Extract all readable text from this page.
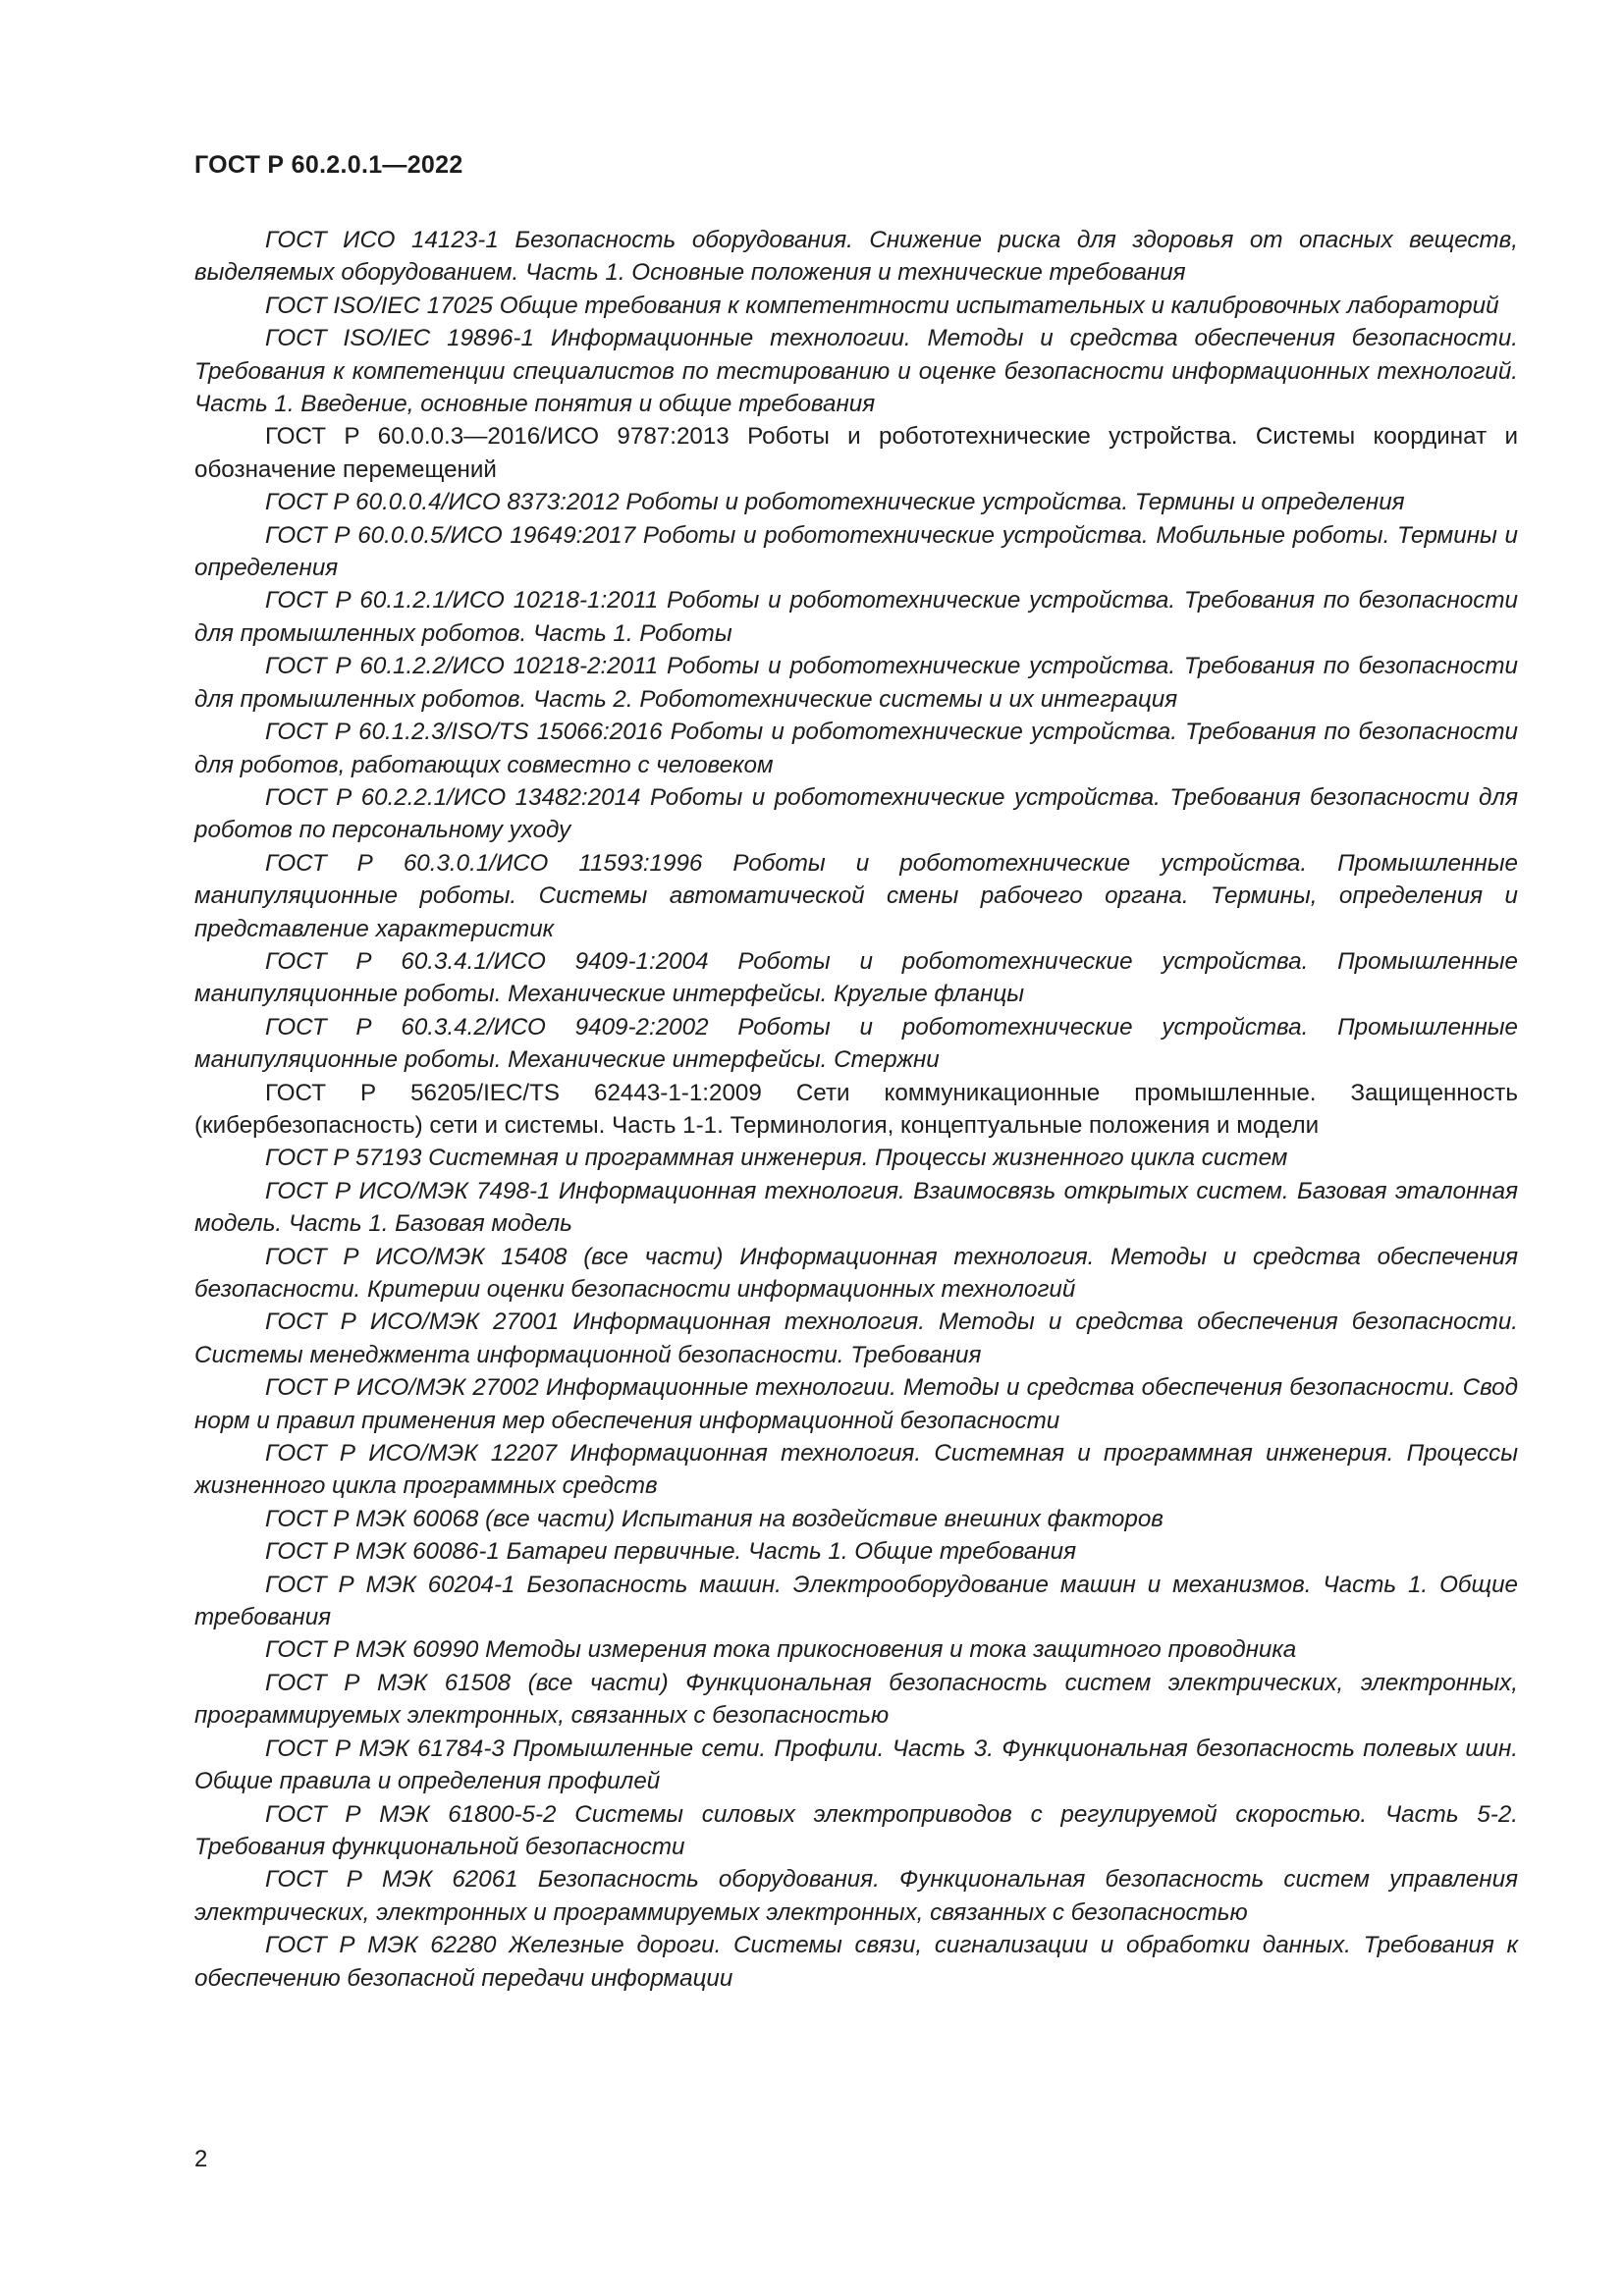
ГОСТ Р 60.2.0.1—2022
ГОСТ ИСО 14123-1 Безопасность оборудования. Снижение риска для здоровья от опасных веществ, выделяемых оборудованием. Часть 1. Основные положения и технические требования
ГОСТ ISO/IEC 17025 Общие требования к компетентности испытательных и калибровочных лабораторий
ГОСТ ISO/IEC 19896-1 Информационные технологии. Методы и средства обеспечения безопасности. Требования к компетенции специалистов по тестированию и оценке безопасности информационных технологий. Часть 1. Введение, основные понятия и общие требования
ГОСТ Р 60.0.0.3—2016/ИСО 9787:2013 Роботы и робототехнические устройства. Системы координат и обозначение перемещений
ГОСТ Р 60.0.0.4/ИСО 8373:2012 Роботы и робототехнические устройства. Термины и определения
ГОСТ Р 60.0.0.5/ИСО 19649:2017 Роботы и робототехнические устройства. Мобильные роботы. Термины и определения
ГОСТ Р 60.1.2.1/ИСО 10218-1:2011 Роботы и робототехнические устройства. Требования по безопасности для промышленных роботов. Часть 1. Роботы
ГОСТ Р 60.1.2.2/ИСО 10218-2:2011 Роботы и робототехнические устройства. Требования по безопасности для промышленных роботов. Часть 2. Робототехнические системы и их интеграция
ГОСТ Р 60.1.2.3/ISO/TS 15066:2016 Роботы и робототехнические устройства. Требования по безопасности для роботов, работающих совместно с человеком
ГОСТ Р 60.2.2.1/ИСО 13482:2014 Роботы и робототехнические устройства. Требования безопасности для роботов по персональному уходу
ГОСТ Р 60.3.0.1/ИСО 11593:1996 Роботы и робототехнические устройства. Промышленные манипуляционные роботы. Системы автоматической смены рабочего органа. Термины, определения и представление характеристик
ГОСТ Р 60.3.4.1/ИСО 9409-1:2004 Роботы и робототехнические устройства. Промышленные манипуляционные роботы. Механические интерфейсы. Круглые фланцы
ГОСТ Р 60.3.4.2/ИСО 9409-2:2002 Роботы и робототехнические устройства. Промышленные манипуляционные роботы. Механические интерфейсы. Стержни
ГОСТ Р 56205/IEC/TS 62443-1-1:2009 Сети коммуникационные промышленные. Защищенность (кибербезопасность) сети и системы. Часть 1-1. Терминология, концептуальные положения и модели
ГОСТ Р 57193 Системная и программная инженерия. Процессы жизненного цикла систем
ГОСТ Р ИСО/МЭК 7498-1 Информационная технология. Взаимосвязь открытых систем. Базовая эталонная модель. Часть 1. Базовая модель
ГОСТ Р ИСО/МЭК 15408 (все части) Информационная технология. Методы и средства обеспечения безопасности. Критерии оценки безопасности информационных технологий
ГОСТ Р ИСО/МЭК 27001 Информационная технология. Методы и средства обеспечения безопасности. Системы менеджмента информационной безопасности. Требования
ГОСТ Р ИСО/МЭК 27002 Информационные технологии. Методы и средства обеспечения безопасности. Свод норм и правил применения мер обеспечения информационной безопасности
ГОСТ Р ИСО/МЭК 12207 Информационная технология. Системная и программная инженерия. Процессы жизненного цикла программных средств
ГОСТ Р МЭК 60068 (все части) Испытания на воздействие внешних факторов
ГОСТ Р МЭК 60086-1 Батареи первичные. Часть 1. Общие требования
ГОСТ Р МЭК 60204-1 Безопасность машин. Электрооборудование машин и механизмов. Часть 1. Общие требования
ГОСТ Р МЭК 60990 Методы измерения тока прикосновения и тока защитного проводника
ГОСТ Р МЭК 61508 (все части) Функциональная безопасность систем электрических, электронных, программируемых электронных, связанных с безопасностью
ГОСТ Р МЭК 61784-3 Промышленные сети. Профили. Часть 3. Функциональная безопасность полевых шин. Общие правила и определения профилей
ГОСТ Р МЭК 61800-5-2 Системы силовых электроприводов с регулируемой скоростью. Часть 5-2. Требования функциональной безопасности
ГОСТ Р МЭК 62061 Безопасность оборудования. Функциональная безопасность систем управления электрических, электронных и программируемых электронных, связанных с безопасностью
ГОСТ Р МЭК 62280 Железные дороги. Системы связи, сигнализации и обработки данных. Требования к обеспечению безопасной передачи информации
2
